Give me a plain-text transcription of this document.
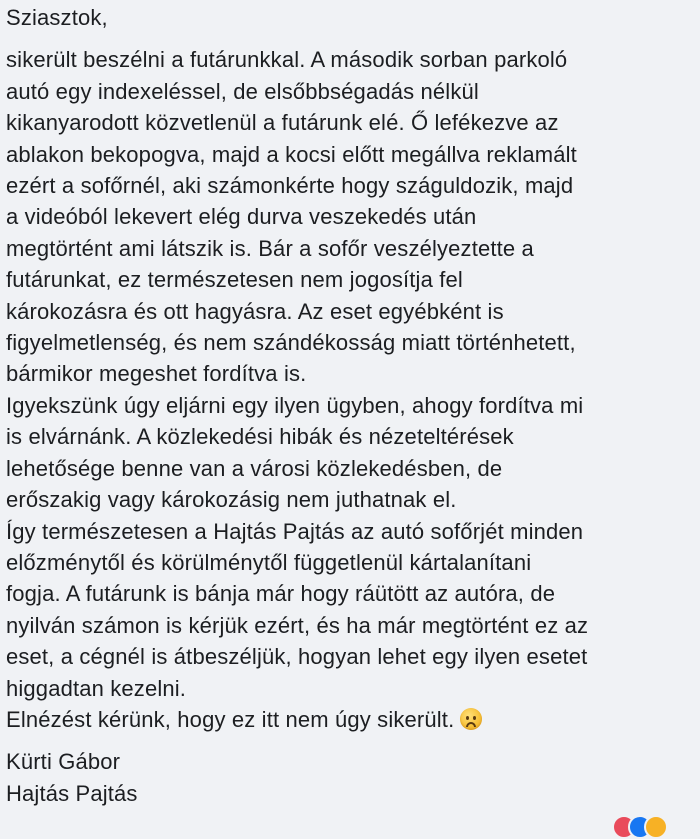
Sziasztok,
sikerült beszélni a futárunkkal. A második sorban parkoló
autó egy indexeléssel, de elsőbbségadás nélkül
kikanyarodott közvetlenül a futárunk elé. Ő lefékezve az
ablakon bekopogva, majd a kocsi előtt megállva reklamált
ezért a sofőrnél, aki számonkérte hogy száguldozik, majd
a videóból lekevert elég durva veszekedés után
megtörtént ami látszik is. Bár a sofőr veszélyeztette a
futárunkat, ez természetesen nem jogosítja fel
károkozásra és ott hagyásra. Az eset egyébként is
figyelmetlenség, és nem szándékosság miatt történhetett,
bármikor megeshet fordítva is.
Igyekszünk úgy eljárni egy ilyen ügyben, ahogy fordítva mi
is elvárnánk. A közlekedési hibák és nézeteltérések
lehetősége benne van a városi közlekedésben, de
erőszakig vagy károkozásig nem juthatnak el.
Így természetesen a Hajtás Pajtás az autó sofőrjét minden
előzménytől és körülménytől függetlenül kártalanítani
fogja. A futárunk is bánja már hogy ráütött az autóra, de
nyilván számon is kérjük ezért, és ha már megtörtént ez az
eset, a cégnél is átbeszéljük, hogyan lehet egy ilyen esetet
higgadtan kezelni.
Elnézést kérünk, hogy ez itt nem úgy sikerült.
Kürti Gábor
Hajtás Pajtás
